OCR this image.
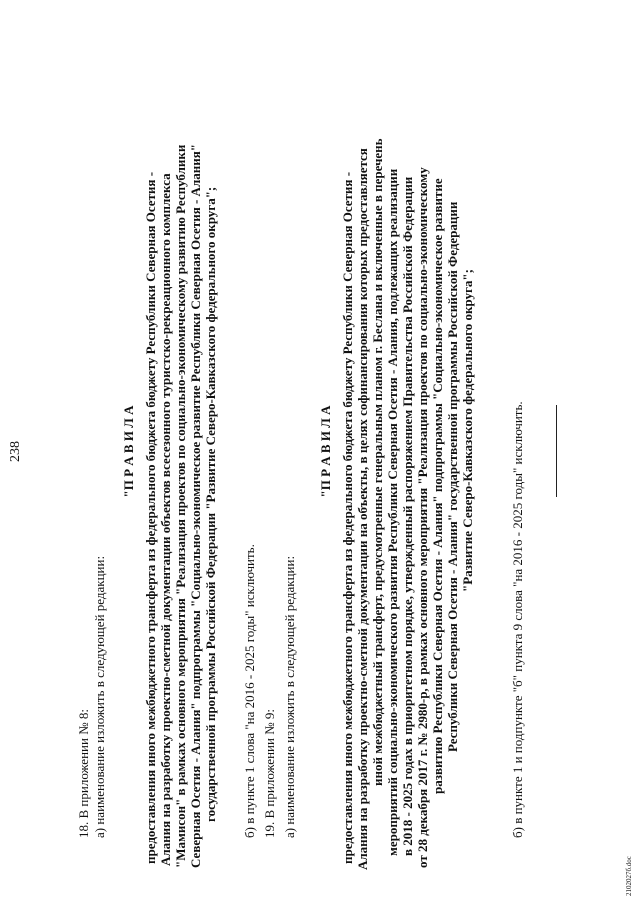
238
18. В приложении № 8: а) наименование изложить в следующей редакции:
"П Р А В И Л А предоставления иного межбюджетного трансферта из федерального бюджета бюджету Республики Северная Осетия - Алания на разработку проектно-сметной документации объектов всесезонного туристско-рекреационного комплекса "Мамисон" в рамках основного мероприятия "Реализация проектов по социально-экономическому развитию Республики Северная Осетия - Алания" подпрограммы "Социально-экономическое развитие Республики Северная Осетия - Алания" государственной программы Российской Федерации "Развитие Северо-Кавказского федерального округа"; б) в пункте 1 слова "на 2016 - 2025 годы" исключить. 19. В приложении № 9: а) наименование изложить в следующей редакции:
"П Р А В И Л А предоставления иного межбюджетного трансферта из федерального бюджета бюджету Республики Северная Осетия - Алания на разработку проектно-сметной документации на объекты, в целях софинансирования которых предоставляется иной межбюджетный трансферт, предусмотренные генеральным планом г. Беслана и включенные в перечень мероприятий социально-экономического развития Республики Северная Осетия - Алания, подлежащих реализации в 2018 - 2025 годах в приоритетном порядке, утвержденный распоряжением Правительства Российской Федерации от 28 декабря 2017 г. № 2980-р, в рамках основного мероприятия "Реализация проектов по социально-экономическому развитию Республики Северная Осетия - Алания" подпрограммы "Социально-экономическое развитие Республики Северная Осетия - Алания" государственной программы Российской Федерации "Развитие Северо-Кавказского федерального округа";	б) в пункте 1 и подпункте "б" пункта 9 слова "на 2016 - 2025 годы" исключить.
2102027б.doc
